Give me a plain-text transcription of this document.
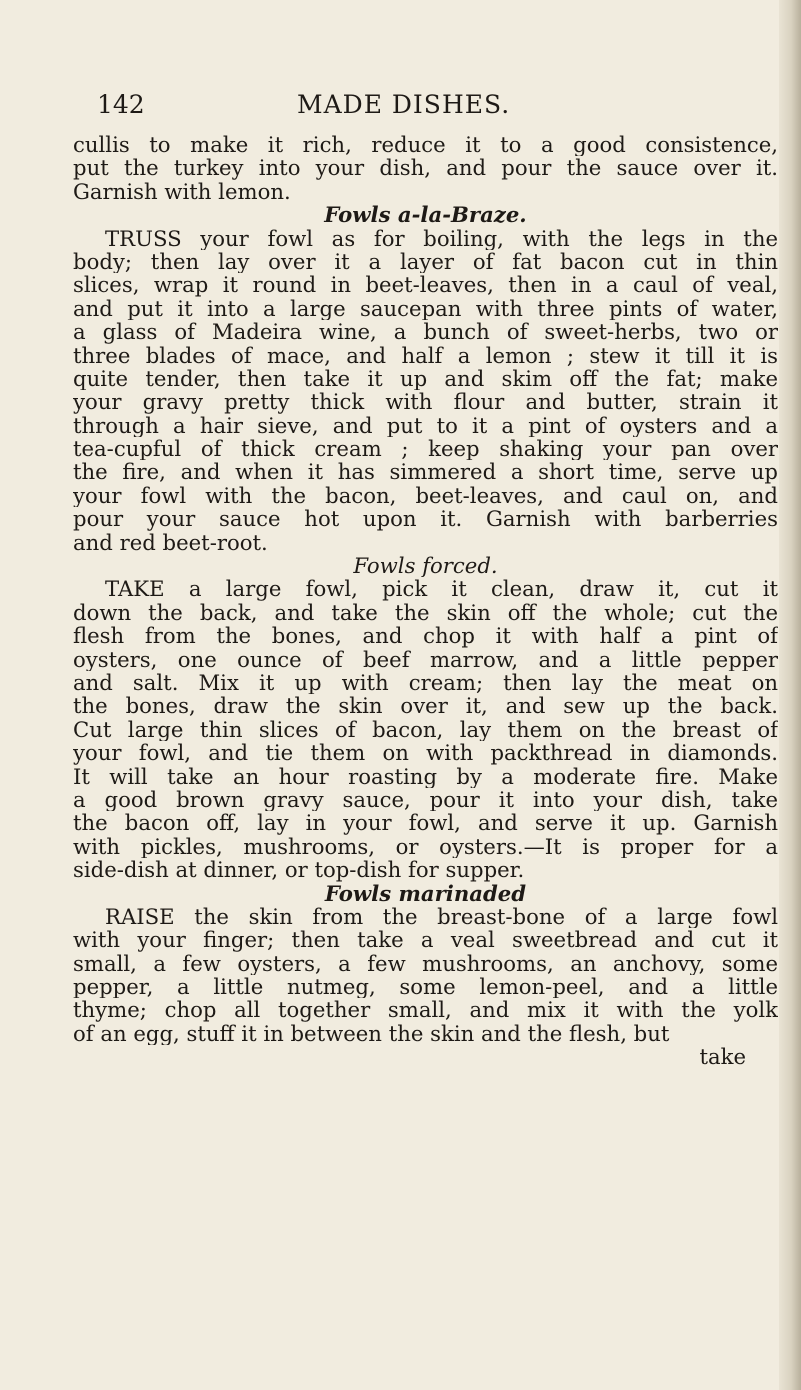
142	MADE DISHES.
cullis to make it rich, reduce it to a good consistence,
put the turkey into your dish, and pour the sauce over it.
Garnish with lemon.
Fowls a-la-Braze.
TRUSS your fowl as for boiling, with the legs in the
body; then lay over it a layer of fat bacon cut in thin
slices, wrap it round in beet-leaves, then in a caul of veal,
and put it into a large saucepan with three pints of water,
a glass of Madeira wine, a bunch of sweet-herbs, two or
three blades of mace, and half a lemon ; stew it till it is
quite tender, then take it up and skim off the fat; make
your gravy pretty thick with flour and butter, strain it
through a hair sieve, and put to it a pint of oysters and a
tea-cupful of thick cream ; keep shaking your pan over
the fire, and when it has simmered a short time, serve up
your fowl with the bacon, beet-leaves, and caul on, and
pour your sauce hot upon it. Garnish with barberries
and red beet-root.
Fowls forced.
TAKE a large fowl, pick it clean, draw it, cut it
down the back, and take the skin off the whole; cut the
flesh from the bones, and chop it with half a pint of
oysters, one ounce of beef marrow, and a little pepper
and salt. Mix it up with cream; then lay the meat on
the bones, draw the skin over it, and sew up the back.
Cut large thin slices of bacon, lay them on the breast of
your fowl, and tie them on with packthread in diamonds.
It will take an hour roasting by a moderate fire. Make
a good brown gravy sauce, pour it into your dish, take
the bacon off, lay in your fowl, and serve it up. Garnish
with pickles, mushrooms, or oysters.—It is proper for a
side-dish at dinner, or top-dish for supper.
Fowls marinaded
RAISE the skin from the breast-bone of a large fowl
with your finger; then take a veal sweetbread and cut it
small, a few oysters, a few mushrooms, an anchovy, some
pepper, a little nutmeg, some lemon-peel, and a little
thyme; chop all together small, and mix it with the yolk
of an egg, stuff it in between the skin and the flesh, but
take
